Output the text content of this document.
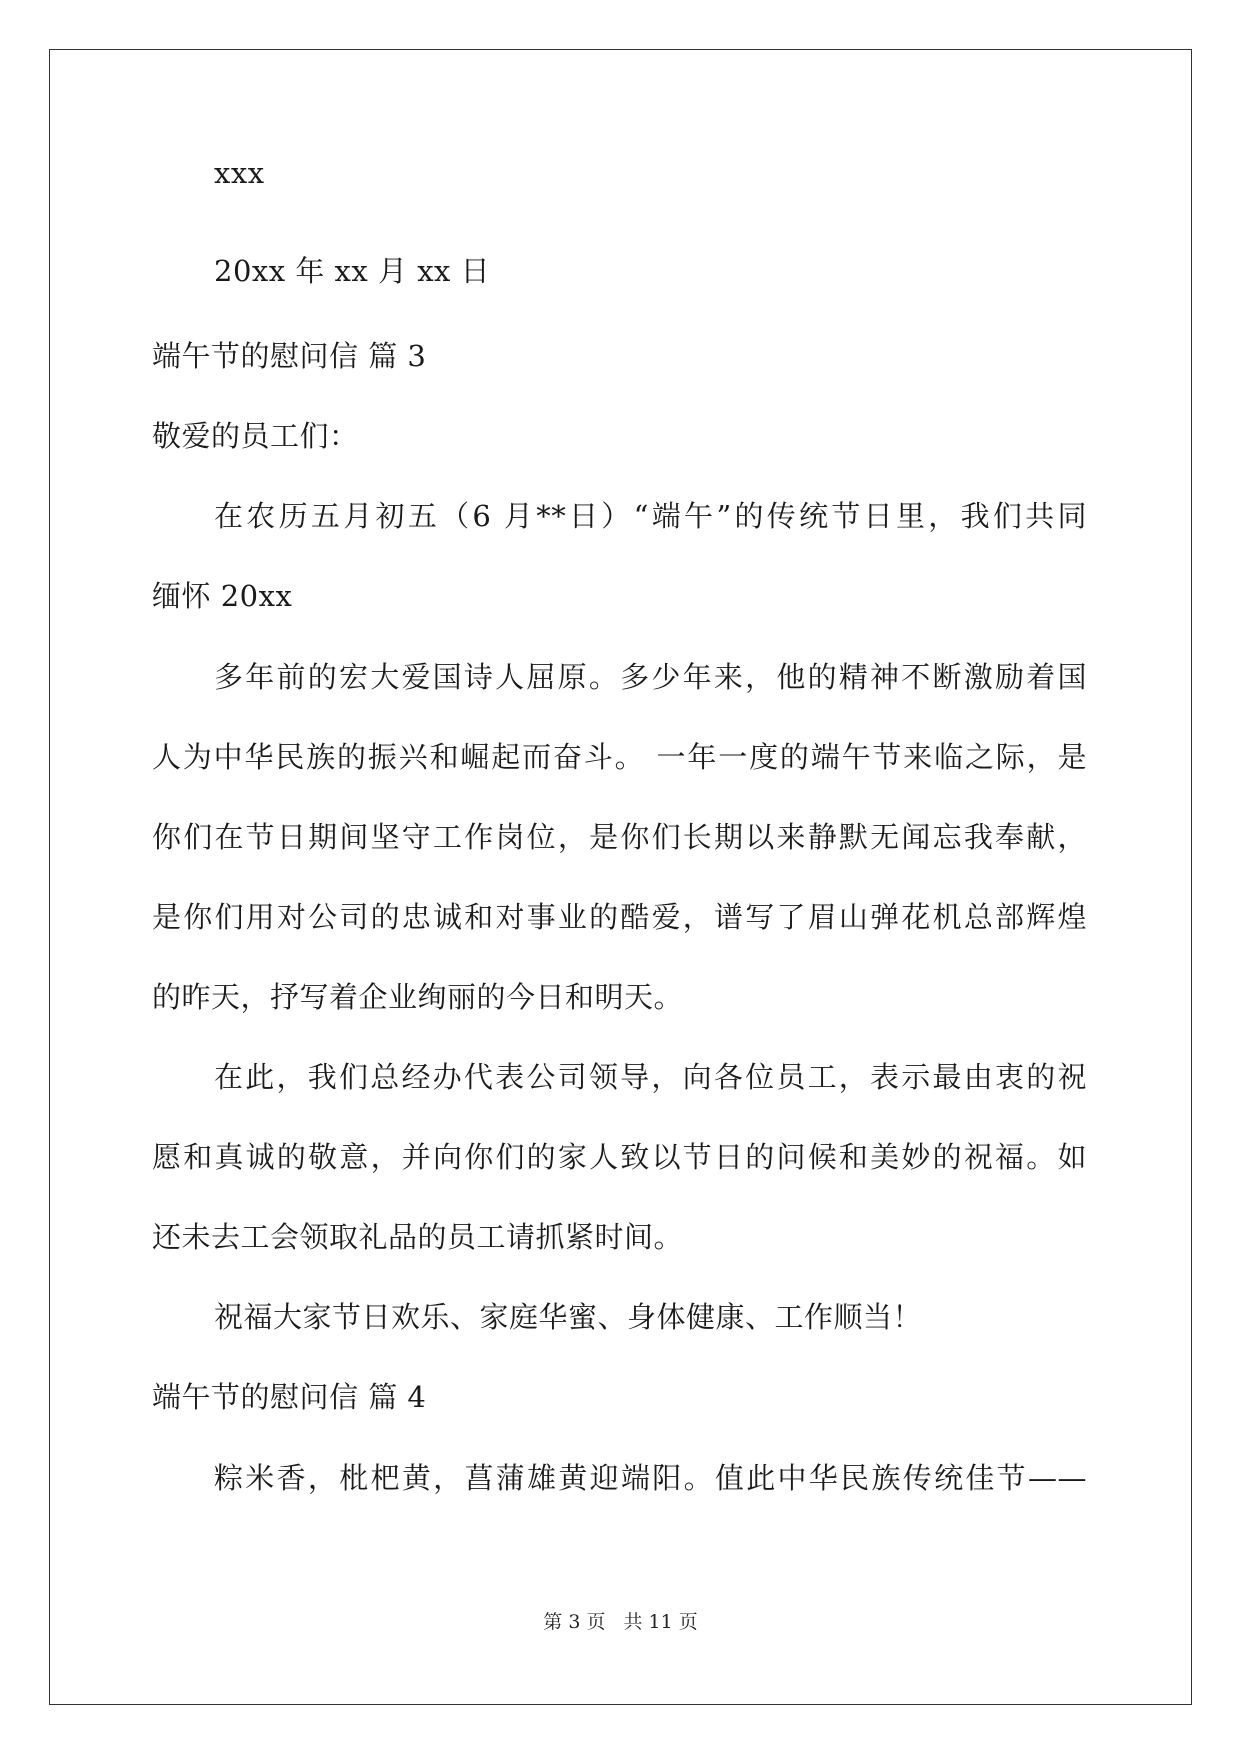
xxx
20xx 年 xx 月 xx 日
端午节的慰问信 篇 3
敬爱的员工们：
在农历五月初五（6 月**日）“端午”的传统节日里，我们共同
缅怀 20xx
多年前的宏大爱国诗人屈原。多少年来，他的精神不断激励着国
人为中华民族的振兴和崛起而奋斗。 一年一度的端午节来临之际，是
你们在节日期间坚守工作岗位，是你们长期以来静默无闻忘我奉献，
是你们用对公司的忠诚和对事业的酷爱，谱写了眉山弹花机总部辉煌
的昨天，抒写着企业绚丽的今日和明天。
在此，我们总经办代表公司领导，向各位员工，表示最由衷的祝
愿和真诚的敬意，并向你们的家人致以节日的问候和美妙的祝福。如
还未去工会领取礼品的员工请抓紧时间。
祝福大家节日欢乐、家庭华蜜、身体健康、工作顺当！
端午节的慰问信 篇 4
粽米香，枇杷黄，菖蒲雄黄迎端阳。值此中华民族传统佳节——
第 3 页 共 11 页
